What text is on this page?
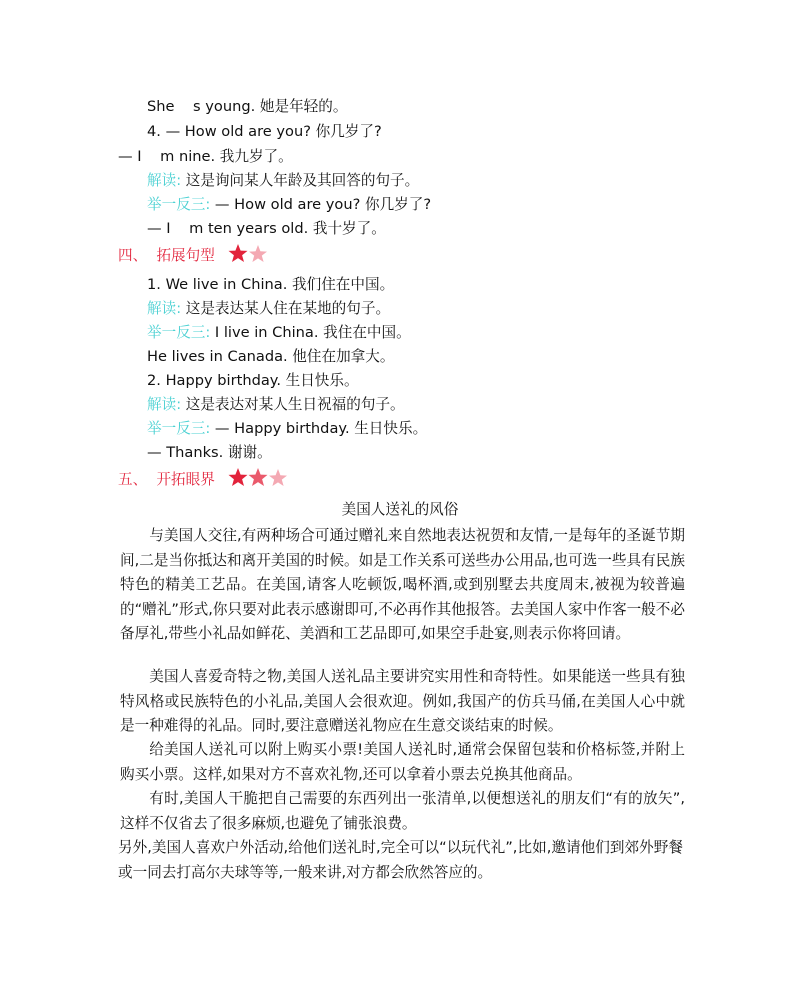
She    s young. 她是年轻的。
4. — How old are you? 你几岁了?
— I    m nine. 我九岁了。
解读: 这是询问某人年龄及其回答的句子。
举一反三: — How old are you? 你几岁了?
— I    m ten years old. 我十岁了。
四、  拓展句型
1. We live in China. 我们住在中国。
解读: 这是表达某人住在某地的句子。
举一反三: I live in China. 我住在中国。
He lives in Canada. 他住在加拿大。
2. Happy birthday. 生日快乐。
解读: 这是表达对某人生日祝福的句子。
举一反三: — Happy birthday. 生日快乐。
— Thanks. 谢谢。
五、  开拓眼界
美国人送礼的风俗

与美国人交往,有两种场合可通过赠礼来自然地表达祝贺和友情,一是每年的圣诞节期间,二是当你抵达和离开美国的时候。如是工作关系可送些办公用品,也可选一些具有民族特色的精美工艺品。在美国,请客人吃顿饭,喝杯酒,或到别墅去共度周末,被视为较普遍的“赠礼”形式,你只要对此表示感谢即可,不必再作其他报答。去美国人家中作客一般不必备厚礼,带些小礼品如鲜花、美酒和工艺品即可,如果空手赴宴,则表示你将回请。

美国人喜爱奇特之物,美国人送礼品主要讲究实用性和奇特性。如果能送一些具有独特风格或民族特色的小礼品,美国人会很欢迎。例如,我国产的仿兵马俑,在美国人心中就是一种难得的礼品。同时,要注意赠送礼物应在生意交谈结束的时候。

给美国人送礼可以附上购买小票!美国人送礼时,通常会保留包装和价格标签,并附上购买小票。这样,如果对方不喜欢礼物,还可以拿着小票去兑换其他商品。

有时,美国人干脆把自己需要的东西列出一张清单,以便想送礼的朋友们“有的放矢”,这样不仅省去了很多麻烦,也避免了铺张浪费。

另外,美国人喜欢户外活动,给他们送礼时,完全可以“以玩代礼”,比如,邀请他们到郊外野餐或一同去打高尔夫球等等,一般来讲,对方都会欣然答应的。
